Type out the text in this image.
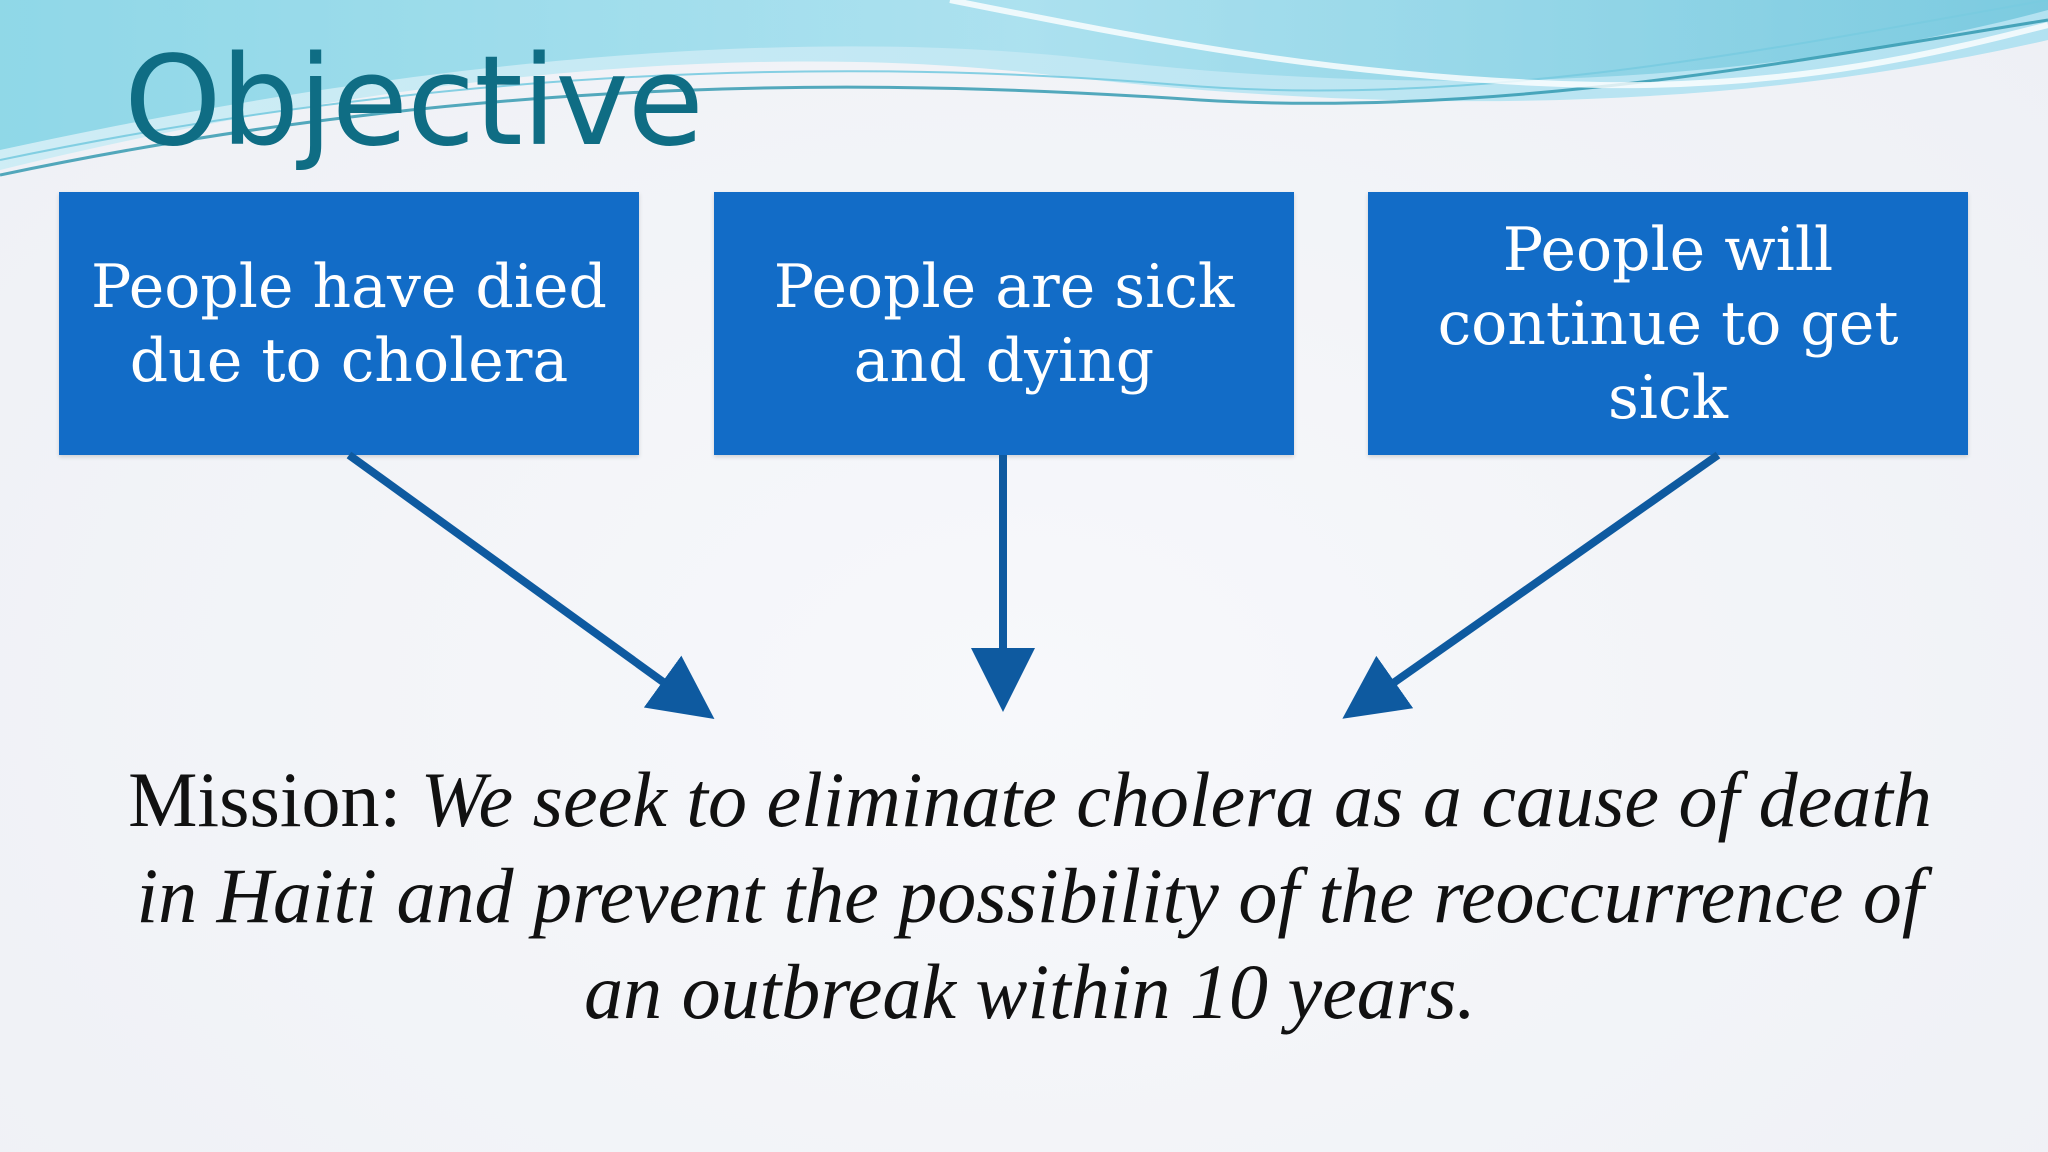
Objective
People have died due to cholera
People are sick and dying
People will continue to get sick

Mission: We seek to eliminate cholera as a cause of death in Haiti and prevent the possibility of the reoccurrence of an outbreak within 10 years.
